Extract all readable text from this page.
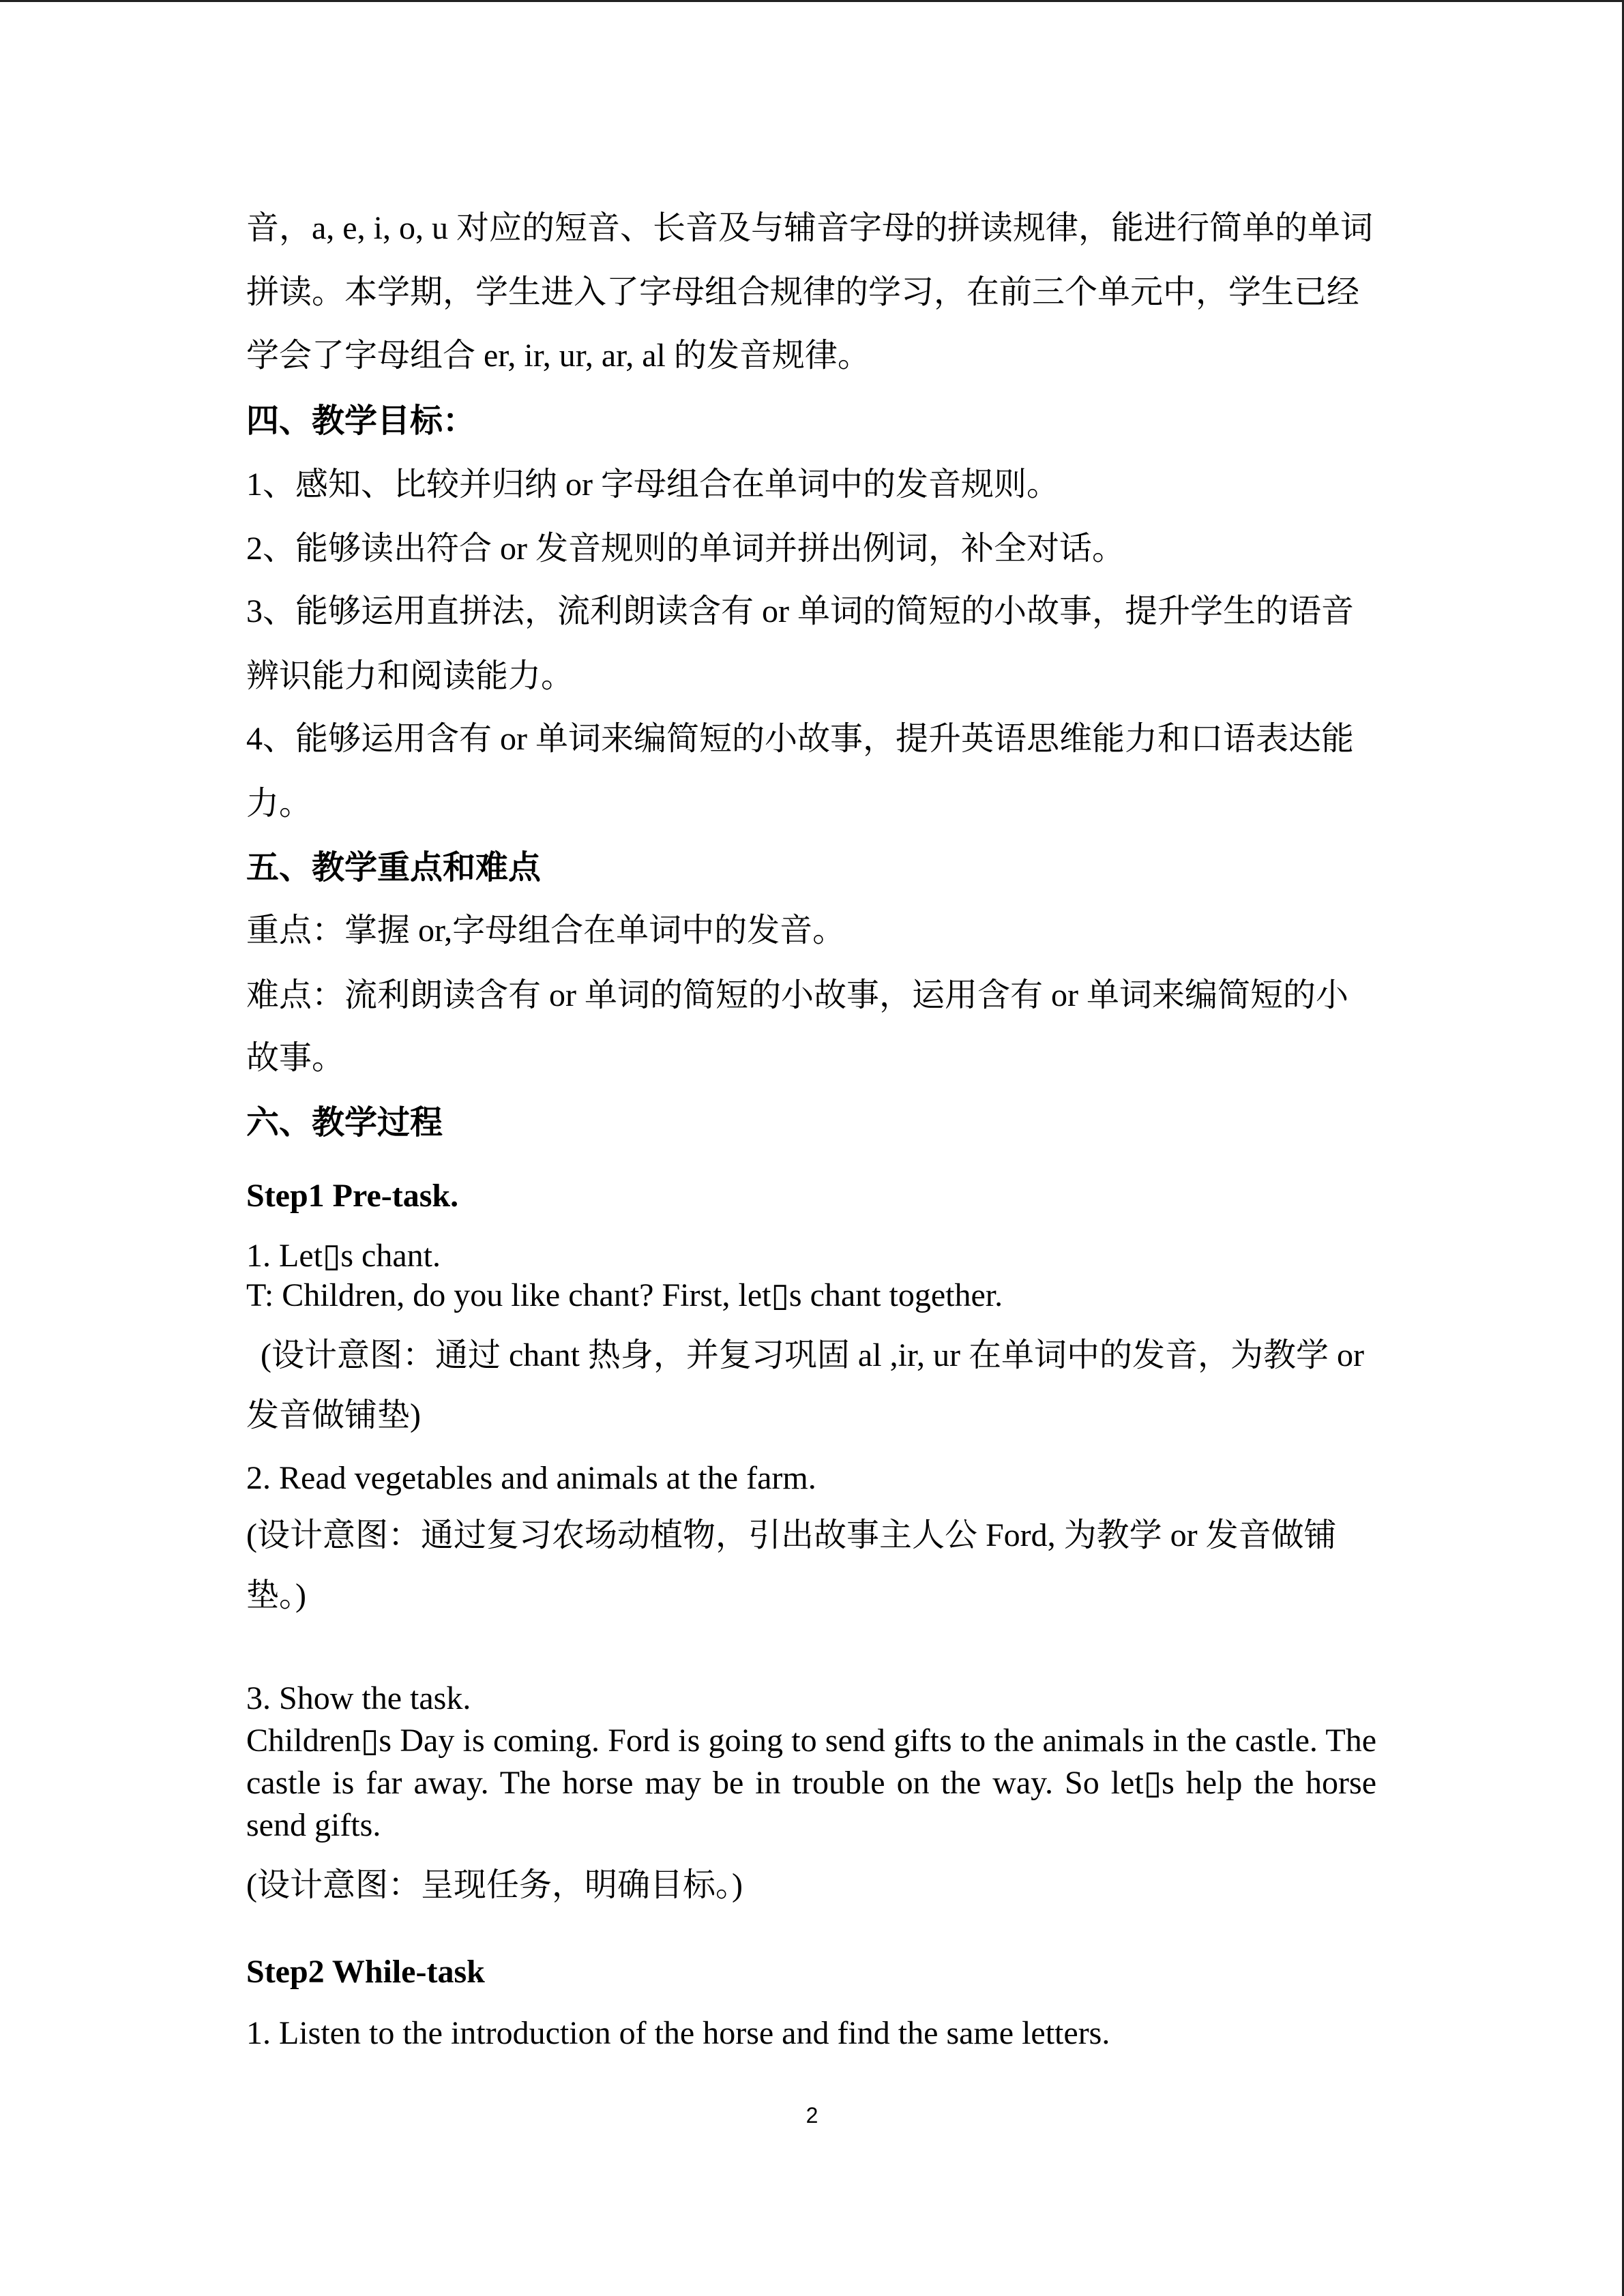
音，a, e, i, o, u 对应的短音、长音及与辅音字母的拼读规律，能进行简单的单词
拼读。本学期，学生进入了字母组合规律的学习，在前三个单元中，学生已经
学会了字母组合 er, ir, ur, ar, al 的发音规律。
四、教学目标：
1、感知、比较并归纳 or 字母组合在单词中的发音规则。
2、能够读出符合 or 发音规则的单词并拼出例词，补全对话。
3、能够运用直拼法，流利朗读含有 or 单词的简短的小故事，提升学生的语音
辨识能力和阅读能力。
4、能够运用含有 or 单词来编简短的小故事，提升英语思维能力和口语表达能
力。
五、教学重点和难点
重点：掌握 or,字母组合在单词中的发音。
难点：流利朗读含有 or 单词的简短的小故事，运用含有 or 单词来编简短的小
故事。
六、教学过程
Step1 Pre-task.
1. Let▯s chant.
T: Children, do you like chant? First, let▯s chant together.
(设计意图：通过 chant 热身，并复习巩固 al ,ir, ur 在单词中的发音，为教学 or
发音做铺垫)
2. Read vegetables and animals at the farm.
(设计意图：通过复习农场动植物，引出故事主人公 Ford, 为教学 or 发音做铺
垫。)
3. Show the task.
Children▯s Day is coming. Ford is going to send gifts to the animals in the castle. The
castle is far away. The horse may be in trouble on the way. So let▯s help the horse
send gifts.
(设计意图：呈现任务，明确目标。)
Step2 While-task
1. Listen to the introduction of the horse and find the same letters.
2
